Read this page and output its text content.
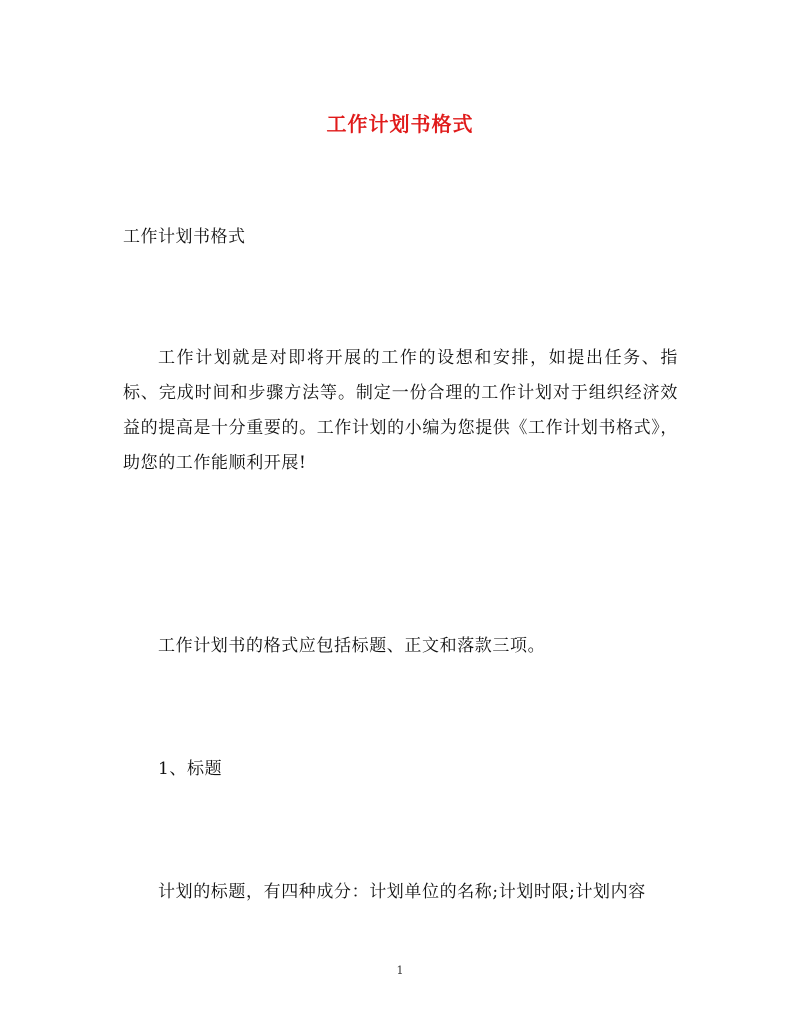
工作计划书格式
工作计划书格式

工作计划就是对即将开展的工作的设想和安排，如提出任务、指标、完成时间和步骤方法等。制定一份合理的工作计划对于组织经济效益的提高是十分重要的。工作计划的小编为您提供《工作计划书格式》，助您的工作能顺利开展!

工作计划书的格式应包括标题、正文和落款三项。

1、标题

计划的标题，有四种成分：计划单位的名称;计划时限;计划内容

1
